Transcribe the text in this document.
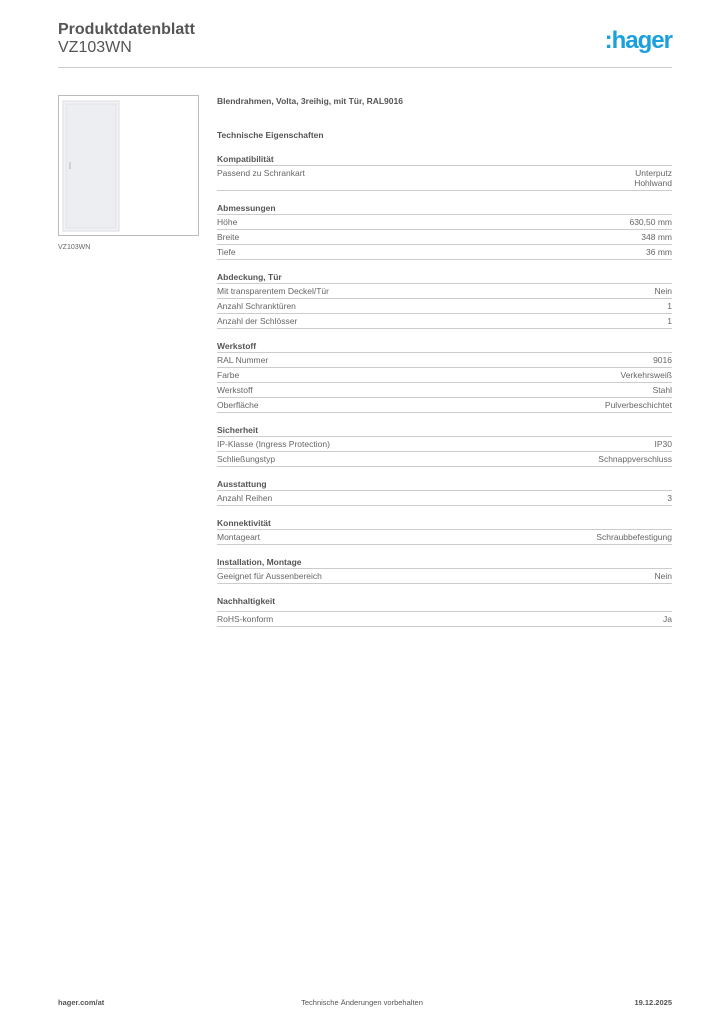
Produktdatenblatt
VZ103WN	:hager
VZ103WN
Blendrahmen, Volta, 3reihig, mit Tür, RAL9016
Technische Eigenschaften
Kompatibilität
Passend zu Schrankart	Unterputz
Hohlwand
Abmessungen
Höhe	630,50 mm
Breite	348 mm
Tiefe	36 mm
Abdeckung, Tür
Mit transparentem Deckel/Tür	Nein
Anzahl Schranktüren	1
Anzahl der Schlösser	1
Werkstoff
RAL Nummer	9016
Farbe	Verkehrsweiß
Werkstoff	Stahl
Oberfläche	Pulverbeschichtet
Sicherheit
IP-Klasse (Ingress Protection)	IP30
Schließungstyp	Schnappverschluss
Ausstattung
Anzahl Reihen	3
Konnektivität
Montageart	Schraubbefestigung
Installation, Montage
Geeignet für Aussenbereich	Nein
Nachhaltigkeit
RoHS-konform	Ja
hager.com/at	Technische Änderungen vorbehalten	19.12.2025
